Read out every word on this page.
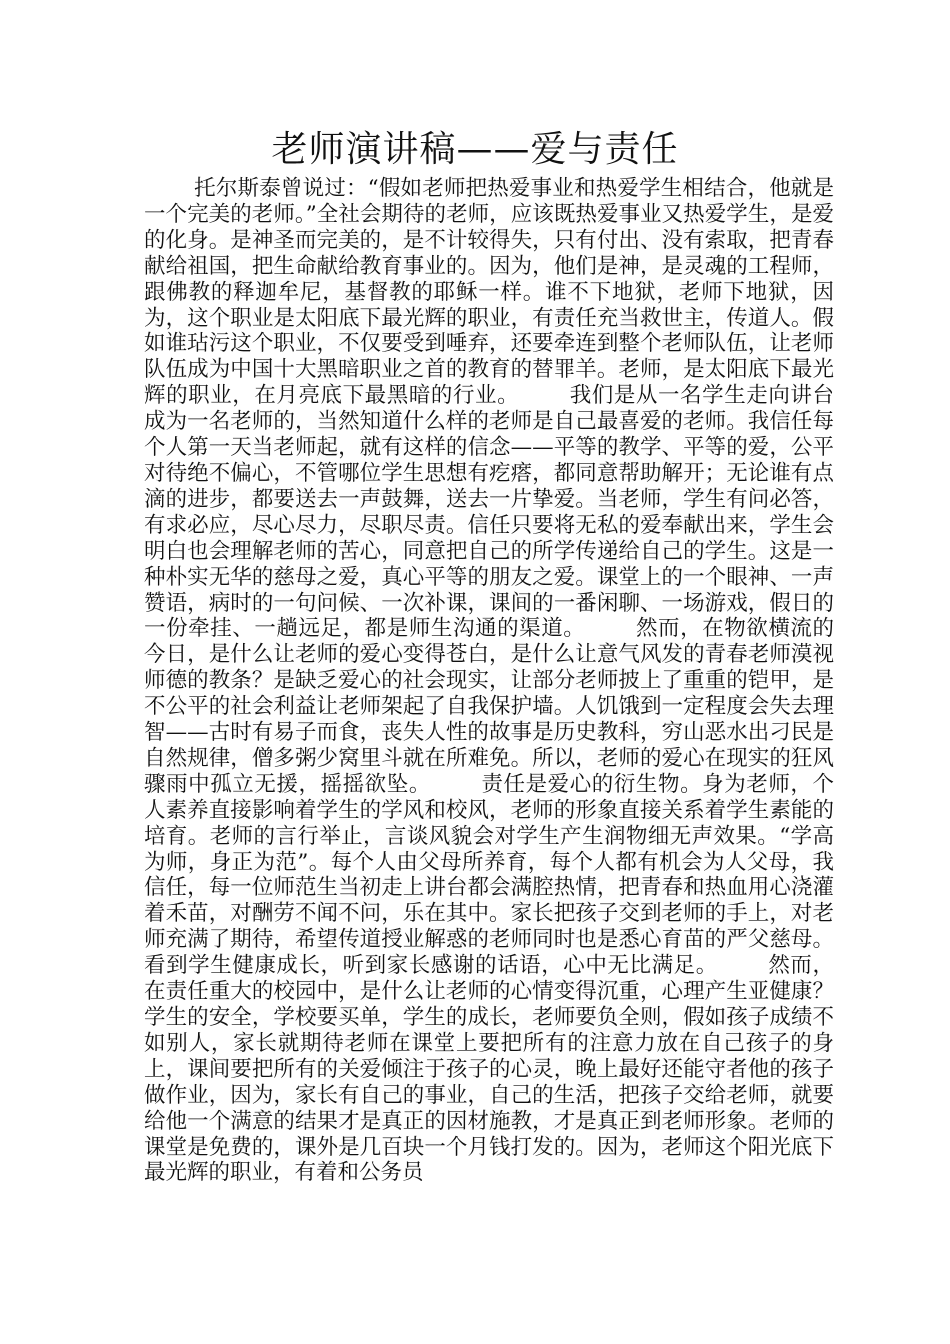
老师演讲稿——爱与责任
托尔斯泰曾说过：“假如老师把热爱事业和热爱学生相结合，他就是一个完美的老师。”全社会期待的老师，应该既热爱事业又热爱学生，是爱的化身。是神圣而完美的，是不计较得失，只有付出、没有索取，把青春献给祖国，把生命献给教育事业的。因为，他们是神，是灵魂的工程师，跟佛教的释迦牟尼，基督教的耶稣一样。谁不下地狱，老师下地狱，因为，这个职业是太阳底下最光辉的职业，有责任充当救世主，传道人。假如谁玷污这个职业，不仅要受到唾弃，还要牵连到整个老师队伍，让老师队伍成为中国十大黑暗职业之首的教育的替罪羊。老师，是太阳底下最光辉的职业，在月亮底下最黑暗的行业。 我们是从一名学生走向讲台成为一名老师的，当然知道什么样的老师是自己最喜爱的老师。我信任每个人第一天当老师起，就有这样的信念——平等的教学、平等的爱，公平对待绝不偏心，不管哪位学生思想有疙瘩，都同意帮助解开；无论谁有点滴的进步，都要送去一声鼓舞，送去一片挚爱。当老师，学生有问必答，有求必应，尽心尽力，尽职尽责。信任只要将无私的爱奉献出来，学生会明白也会理解老师的苦心，同意把自己的所学传递给自己的学生。这是一种朴实无华的慈母之爱，真心平等的朋友之爱。课堂上的一个眼神、一声赞语，病时的一句问候、一次补课，课间的一番闲聊、一场游戏，假日的一份牵挂、一趟远足，都是师生沟通的渠道。 然而，在物欲横流的今日，是什么让老师的爱心变得苍白，是什么让意气风发的青春老师漠视师德的教条？是缺乏爱心的社会现实，让部分老师披上了重重的铠甲，是不公平的社会利益让老师架起了自我保护墙。人饥饿到一定程度会失去理智——古时有易子而食，丧失人性的故事是历史教科，穷山恶水出刁民是自然规律，僧多粥少窝里斗就在所难免。所以，老师的爱心在现实的狂风骤雨中孤立无援，摇摇欲坠。 责任是爱心的衍生物。身为老师，个人素养直接影响着学生的学风和校风，老师的形象直接关系着学生素能的培育。老师的言行举止，言谈风貌会对学生产生润物细无声效果。“学高为师，身正为范”。每个人由父母所养育，每个人都有机会为人父母，我信任，每一位师范生当初走上讲台都会满腔热情，把青春和热血用心浇灌着禾苗，对酬劳不闻不问，乐在其中。家长把孩子交到老师的手上，对老师充满了期待，希望传道授业解惑的老师同时也是悉心育苗的严父慈母。看到学生健康成长，听到家长感谢的话语，心中无比满足。 然而，在责任重大的校园中，是什么让老师的心情变得沉重，心理产生亚健康？学生的安全，学校要买单，学生的成长，老师要负全则，假如孩子成绩不如别人，家长就期待老师在课堂上要把所有的注意力放在自己孩子的身上，课间要把所有的关爱倾注于孩子的心灵，晚上最好还能守者他的孩子做作业，因为，家长有自己的事业，自己的生活，把孩子交给老师，就要给他一个满意的结果才是真正的因材施教，才是真正到老师形象。老师的课堂是免费的，课外是几百块一个月钱打发的。因为，老师这个阳光底下最光辉的职业，有着和公务员
